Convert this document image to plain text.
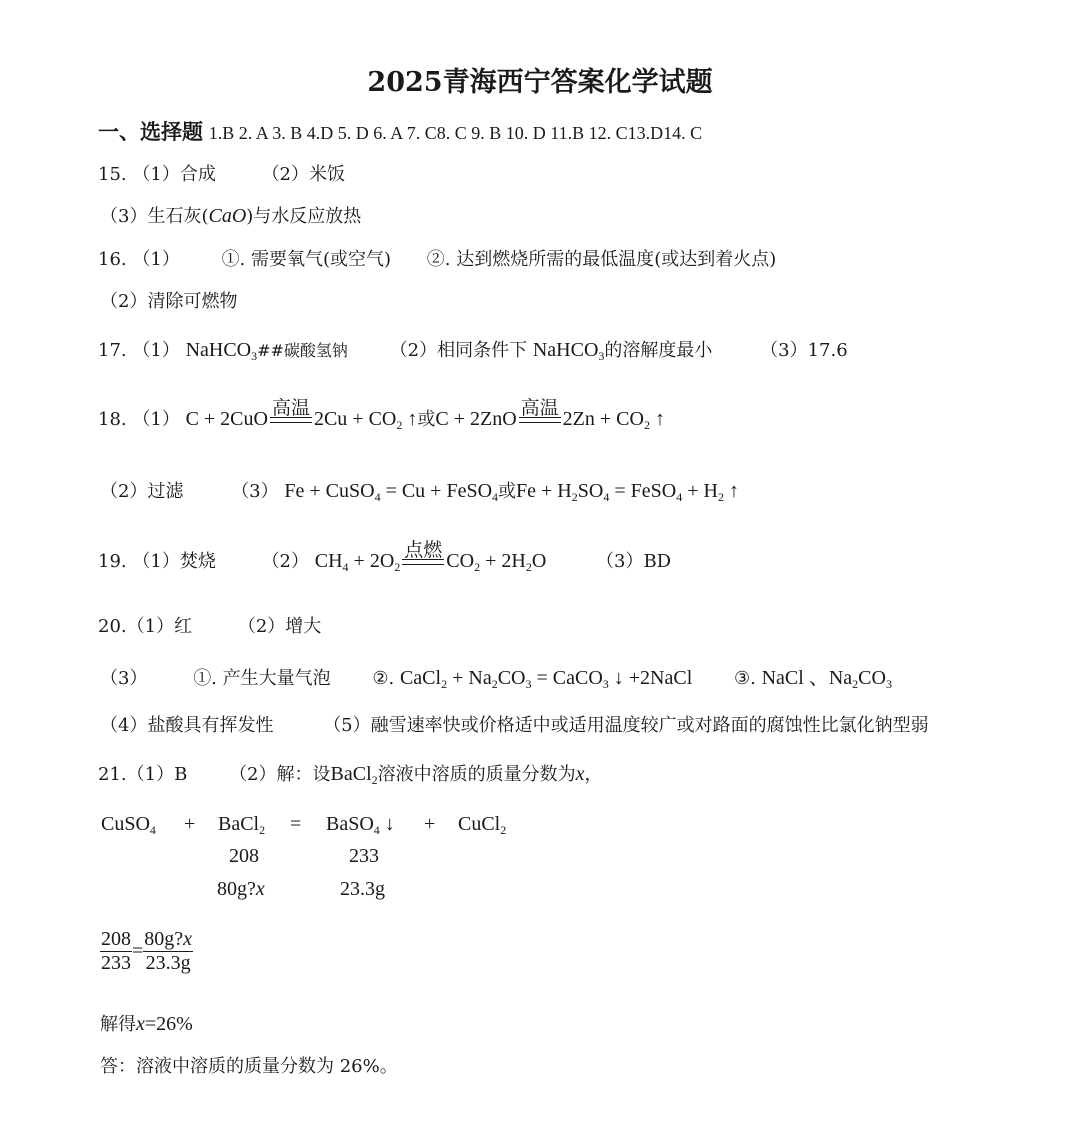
2025青海西宁答案化学试题
一、选择题 1.B 2. A 3. B 4.D 5. D 6. A 7. C8. C 9. B 10. D 11.B 12. C13.D14. C
15. （1）合成	（2）米饭
（3）生石灰(CaO)与水反应放热
16. （1） ①. 需要氧气(或空气) ②. 达到燃烧所需的最低温度(或达到着火点)
（2）清除可燃物
17. （1） NaHCO$_3$##碳酸氢钠 （2）相同条件下 NaHCO$_3$的溶解度最小	（3）17.6
18. （1） C + 2CuO 高温 $2Cu + CO_2$ ↑或C + 2ZnO 高温 $2Zn + CO_2$ ↑
（2）过滤	（3） Fe + CuSO$_4$ = Cu + FeSO$_4$或$Fe + H_2SO_4$ = FeSO$_4$ + $H_2$ ↑
19. （1）焚烧	（2） $CH_4 + 2O_2$
点燃 $CO_2 + 2H_2O$	（3）BD
20.（1）红	（2）增大
（3）	①. 产生大量气泡 ②. CaCl$_2$ + $Na_2CO_3$ = CaCO$_3$ ↓ +2NaCl ③. NaCl 、$Na_2CO_3$
（4）盐酸具有挥发性	（5）融雪速率快或价格适中或适用温度较广或对路面的腐蚀性比氯化钠型弱
21.（1）B （2）解：设BaCl$_2$溶液中溶质的质量分数为x，
CuSO$_4$ + BaCl$_2$ = BaSO$_4$ ↓ + CuCl$_2$
208	233
80g?x	23.3g
$\frac{208}{233} = \frac{80g?x}{23.3g}$
解得x=26%
答：溶液中溶质的质量分数为 26%。
